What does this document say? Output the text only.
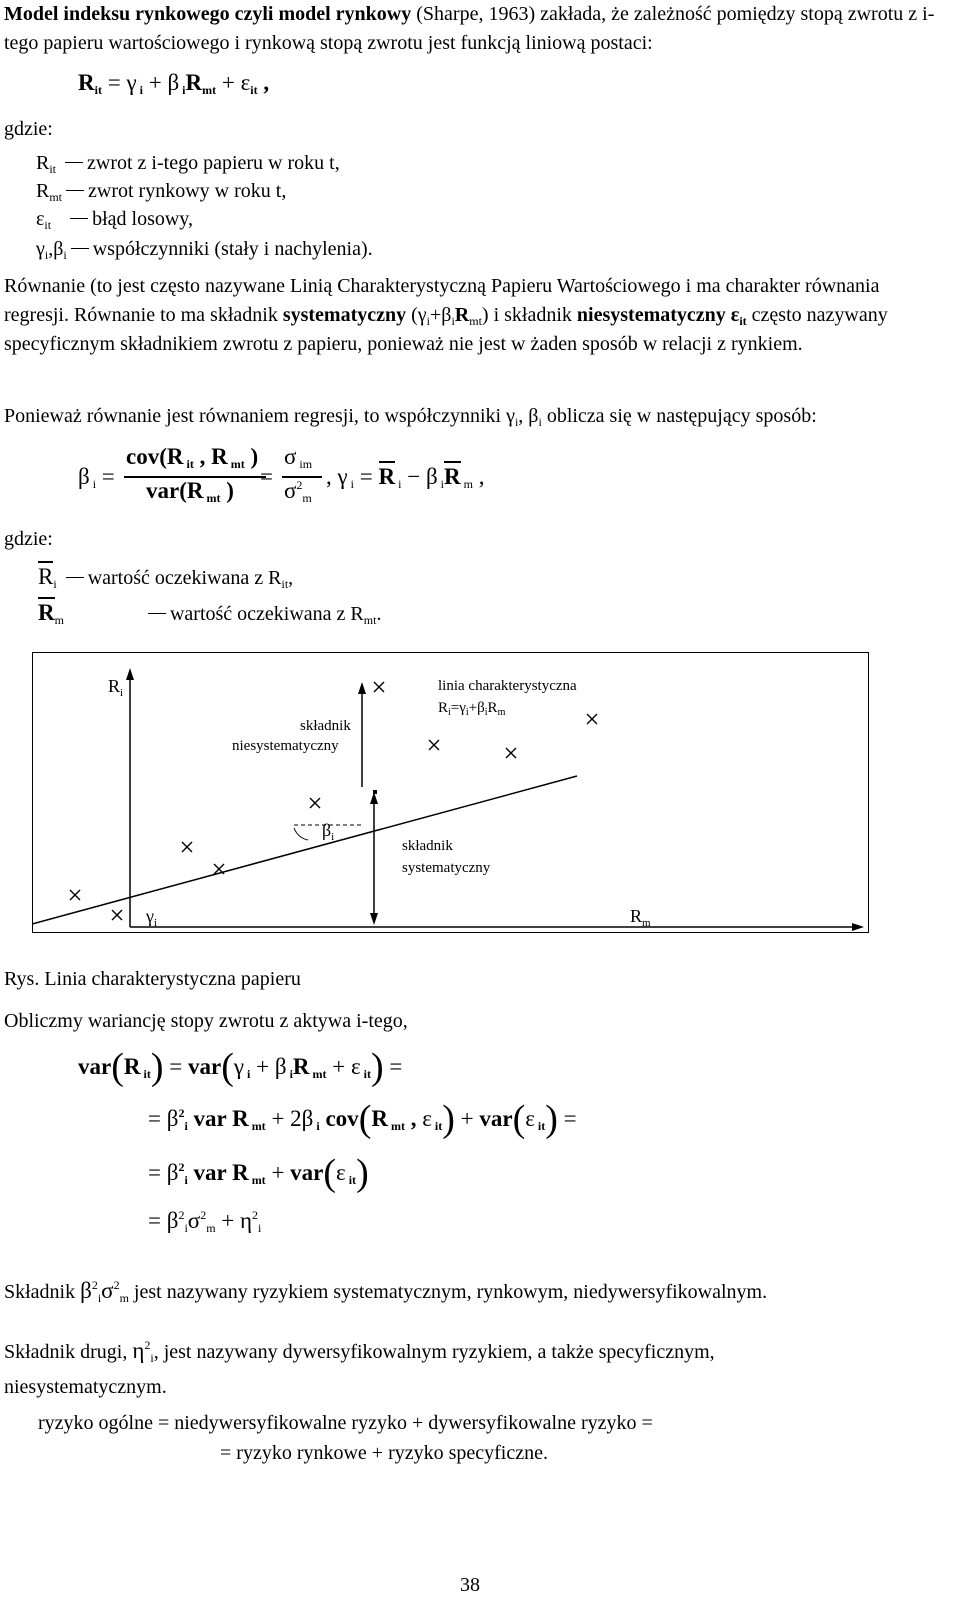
Model indeksu rynkowego czyli model rynkowy (Sharpe, 1963) zakłada, że zależność pomiędzy stopą zwrotu z i-tego papieru wartościowego i rynkową stopą zwrotu jest funkcją liniową postaci:
$R_{it} = \gamma$ $_i$ + β $_iR_{mt} + \varepsilon_{it}$ ,
gdzie:
$R_{it}$ zwrot z i-tego papieru w roku t,
$R_{mt}$ zwrot rynkowy w roku t,
$\varepsilon_{it}$ błąd losowy,
$\gamma_i,\beta_i$ współczynniki (stały i nachylenia).
Równanie (to jest często nazywane Linią Charakterystyczną Papieru Wartościowego i ma charakter równania regresji. Równanie to ma składnik systematyczny $(\gamma_i+\beta_iR_{mt})$ i składnik niesystematyczny $\varepsilon_{it}$ często nazywany specyficznym składnikiem zwrotu z papieru, ponieważ nie jest w żaden sposób w relacji z rynkiem.
Ponieważ równanie jest równaniem regresji, to współczynniki $\gamma_i$, $\beta_i$ oblicza się w następujący sposób:
β $_i$ =
cov(R $_{it}$ , R $_{mt}$ )
var(R $_{mt}$ )
=
σ $_{im}$
$\sigma^2_m$
, γ $_i$ = R $_i$ − β $_i$R $_m$ ,
gdzie:
$R_i$ wartość oczekiwana z $R_{it}$,
$R_m$	wartość oczekiwana z $R_{mt}$.
$R_i$
$R_m$
linia charakterystyczna
$R_i=\gamma_i+\beta_iR_m$
składnik
niesystematyczny
składnik
systematyczny
$\beta_i$
$\gamma_i$
Rys. Linia charakterystyczna papieru
Obliczmy wariancję stopy zwrotu z aktywa i-tego,
var(R $_{it}$) = var(γ $_i$ + β $_i$R $_{mt}$ + ε $_{it}$) =
= $\beta^2_i$ var R $_{mt}$ + 2β $_i$ cov(R $_{mt}$ , ε $_{it}$) + var(ε $_{it}$) =
= $\beta^2_i$ var R $_{mt}$ + var(ε $_{it}$)
= $\beta^2_i\sigma^2_m + \eta^2_i$
Składnik $\beta^2_i\sigma^2_m$ jest nazywany ryzykiem systematycznym, rynkowym, niedywersyfikowalnym.
Składnik drugi, $\eta^2_i$, jest nazywany dywersyfikowalnym ryzykiem, a także specyficznym,
niesystematycznym.
ryzyko ogólne = niedywersyfikowalne ryzyko + dywersyfikowalne ryzyko =
= ryzyko rynkowe + ryzyko specyficzne.
38
